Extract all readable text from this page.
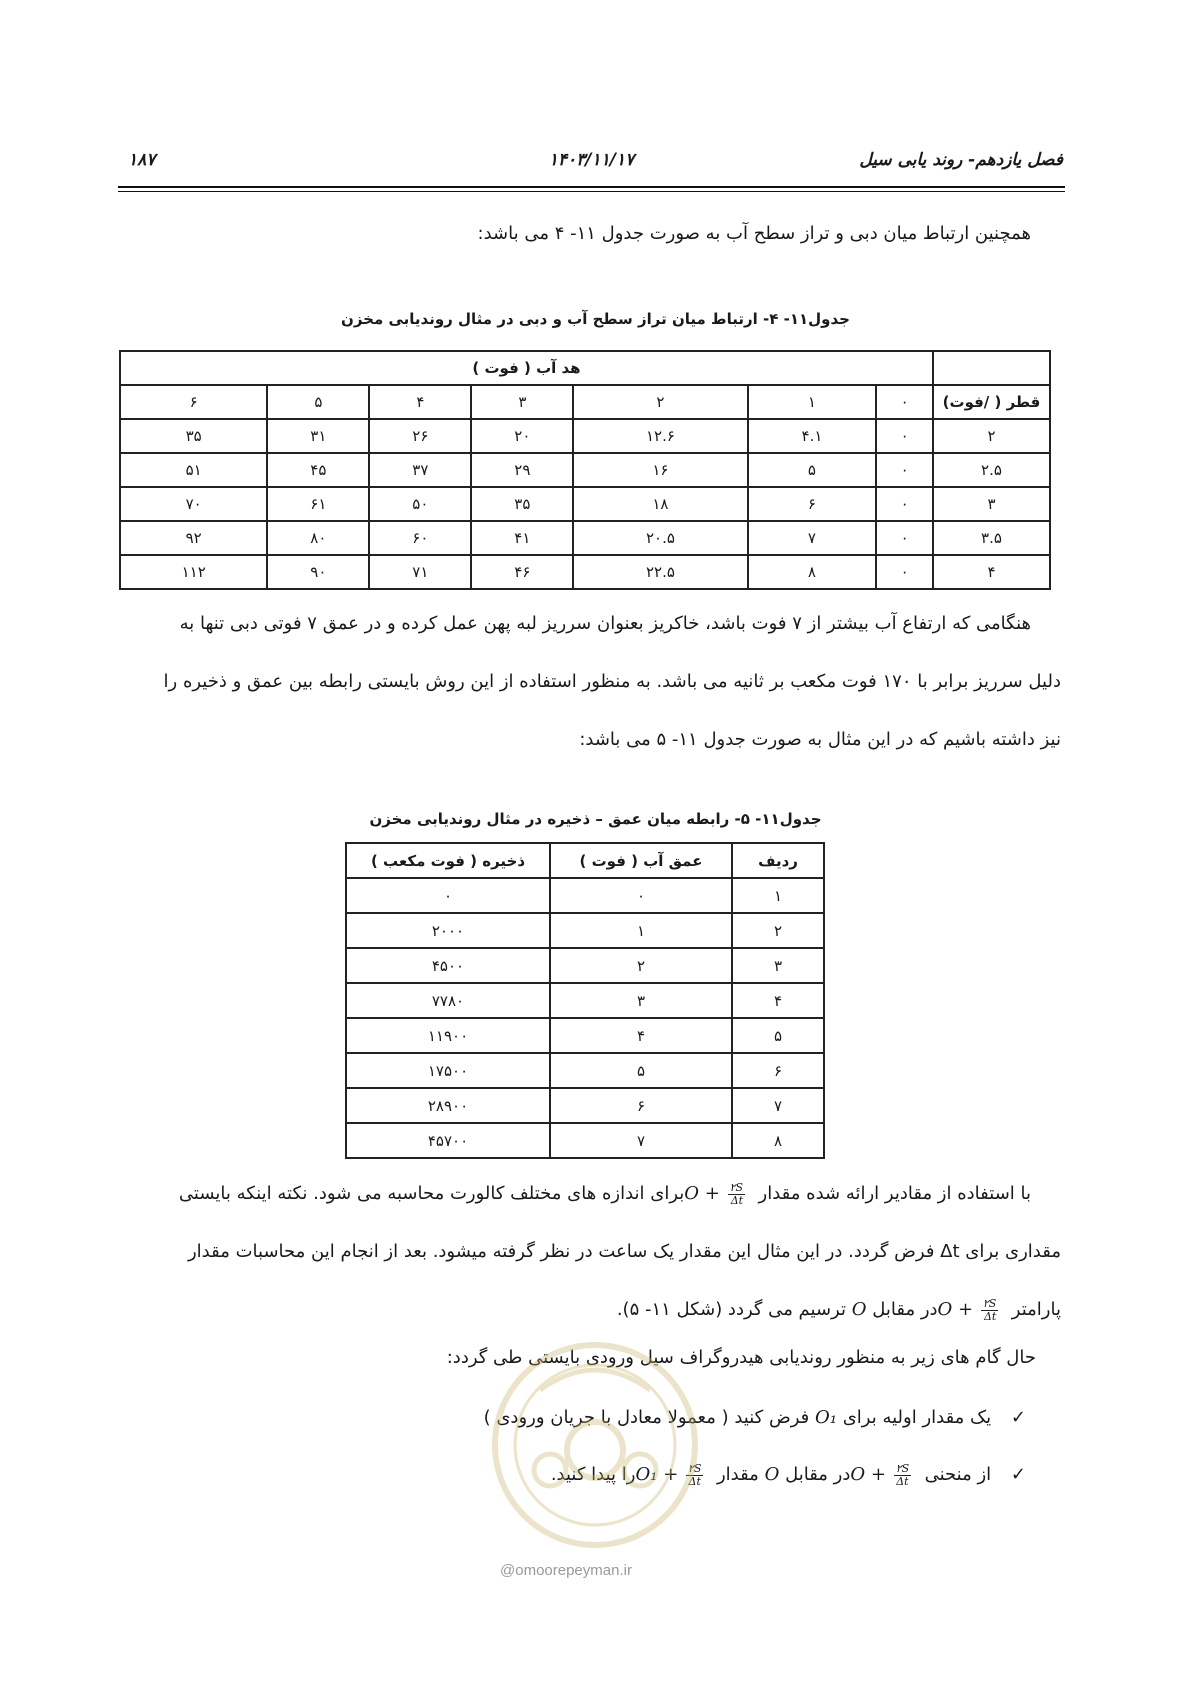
فصل یازدهم- روند یابی سیل
۱۴۰۳/۱۱/۱۷
۱۸۷
همچنین ارتباط میان دبی و تراز سطح آب به صورت جدول ۱۱- ۴ می باشد:
جدول۱۱- ۴- ارتباط میان تراز سطح آب و دبی در مثال روندیابی مخزن
	هد آب ( فوت )						
قطر ( /فوت)	۰	۱	۲	۳	۴	۵	۶
۲	۰	۴.۱	۱۲.۶	۲۰	۲۶	۳۱	۳۵
۲.۵	۰	۵	۱۶	۲۹	۳۷	۴۵	۵۱
۳	۰	۶	۱۸	۳۵	۵۰	۶۱	۷۰
۳.۵	۰	۷	۲۰.۵	۴۱	۶۰	۸۰	۹۲
۴	۰	۸	۲۲.۵	۴۶	۷۱	۹۰	۱۱۲
هنگامی که ارتفاع آب بیشتر از ۷ فوت باشد، خاکریز بعنوان سرریز لبه پهن عمل کرده و در عمق ۷ فوتی دبی تنها به
دلیل سرریز برابر با ۱۷۰ فوت مکعب بر ثانیه می باشد. به منظور استفاده از این روش بایستی رابطه بین عمق و ذخیره را
نیز داشته باشیم که در این مثال به صورت جدول ۱۱- ۵ می باشد:
جدول۱۱- ۵- رابطه میان عمق – ذخیره در مثال روندیابی مخزن
ردیف	عمق آب ( فوت )	ذخیره ( فوت مکعب )
۱	۰	۰
۲	۱	۲۰۰۰
۳	۲	۴۵۰۰
۴	۳	۷۷۸۰
۵	۴	۱۱۹۰۰
۶	۵	۱۷۵۰۰
۷	۶	۲۸۹۰۰
۸	۷	۴۵۷۰۰
با استفاده از مقادیر ارائه شده مقدار $O + \frac{۲S}{\Delta t}$
برای اندازه های مختلف کالورت محاسبه می شود. نکته اینکه بایستی
مقداری برای Δt فرض گردد. در این مثال این مقدار یک ساعت در نظر گرفته میشود. بعد از انجام این محاسبات مقدار
پارامتر $O + \frac{۲S}{\Delta t}$
در مقابل O ترسیم می گردد (شکل ۱۱- ۵).
حال گام های زیر به منظور روندیابی هیدروگراف سیل ورودی بایستی طی گردد:
✓ یک مقدار اولیه برای O₁ فرض کنید ( معمولا معادل با جریان ورودی )
✓ از منحنی $O + \frac{۲S}{\Delta t}$
در مقابل O مقدار $O_1 + \frac{۲S}{\Delta t}$
را پیدا کنید.
@omoorepeyman.ir
